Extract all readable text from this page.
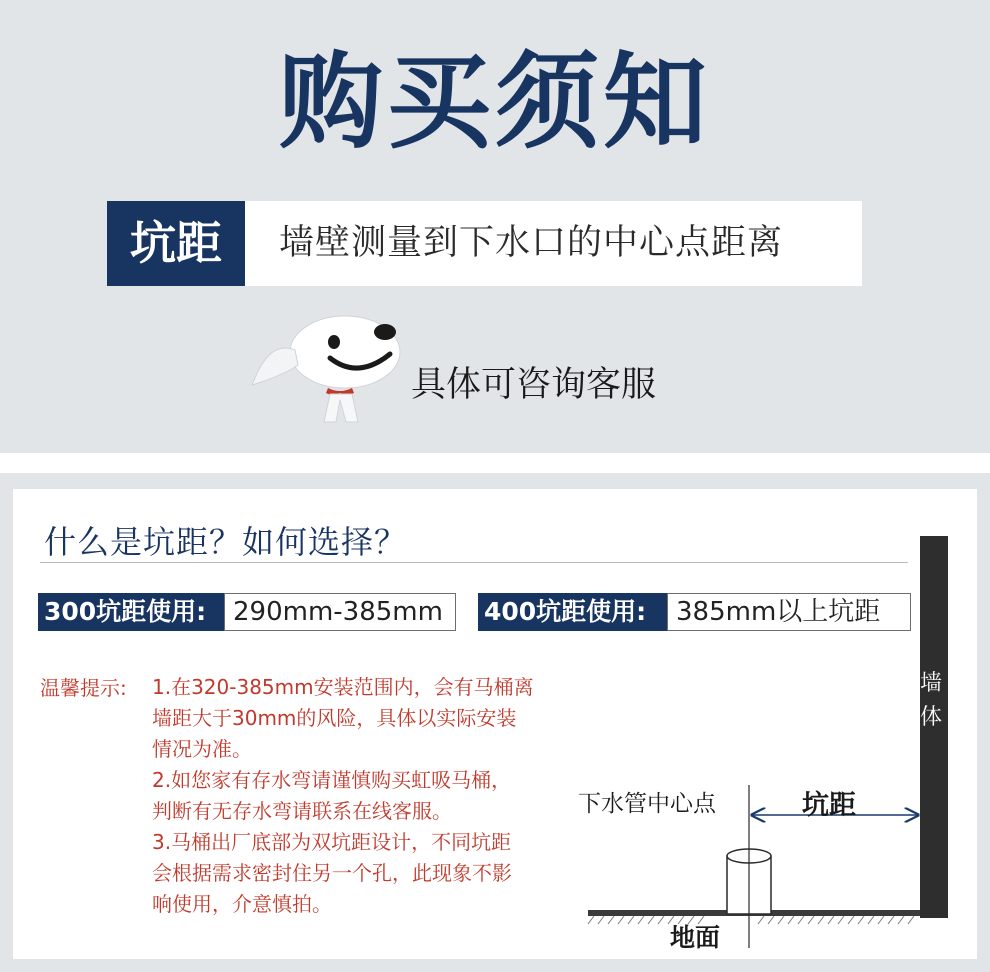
购买须知
坑距	墙壁测量到下水口的中心点距离
具体可咨询客服
什么是坑距？如何选择？
300坑距使用:	290mm-385mm	400坑距使用:	385mm以上坑距
温馨提示: 1.在320-385mm安装范围内，会有马桶离
墙距大于30mm的风险，具体以实际安装
情况为准。
2.如您家有存水弯请谨慎购买虹吸马桶，
判断有无存水弯请联系在线客服。
3.马桶出厂底部为双坑距设计，不同坑距
会根据需求密封住另一个孔，此现象不影
响使用，介意慎拍。
墙
体
下水管中心点	坑距
地面
